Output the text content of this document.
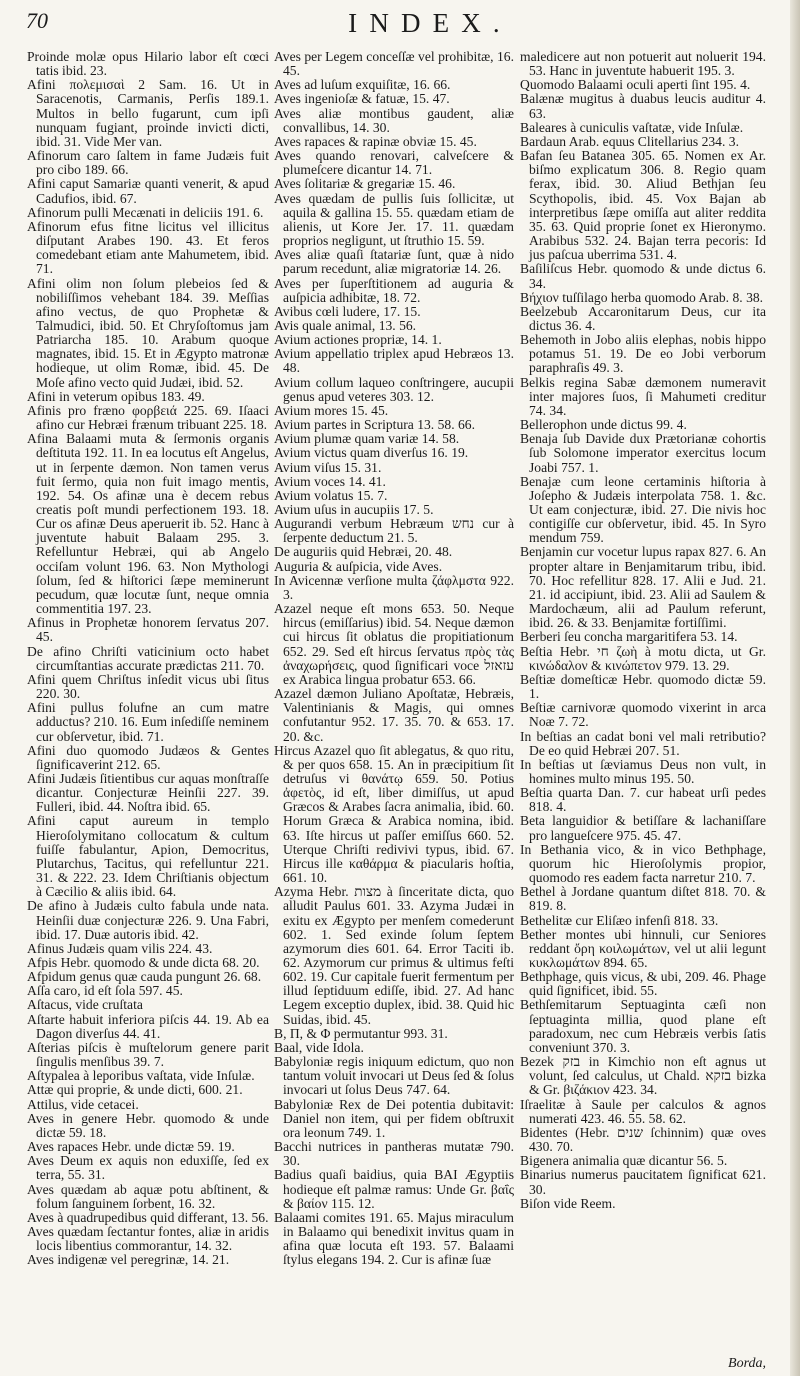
70	INDEX.

Proinde molæ opus Hilario labor eſt cœci tatis ibid. 23.

Afini πολεμισαὶ 2 Sam. 16. Ut in Saracenotis, Carmanis, Perſis 189.1. Multos in bello fugarunt, cum ipſi nunquam fugiant, proinde invicti dicti, ibid. 31. Vide Mer van.

Afinorum caro ſaltem in fame Judæis fuit pro cibo 189. 66.

Afini caput Samariæ quanti venerit, & apud Cadufios, ibid. 67.

Afinorum pulli Mecænati in deliciis 191. 6.

Afinorum efus fitne licitus vel illicitus diſputant Arabes 190. 43. Et feros comedebant etiam ante Mahumetem, ibid. 71.

Afini olim non ſolum plebeios ſed & nobiliſſimos vehebant 184. 39. Meſſias afino vectus, de quo Prophetæ & Talmudici, ibid. 50. Et Chryſoſtomus jam Patriarcha 185. 10. Arabum quoque magnates, ibid. 15. Et in Ægypto matronæ hodieque, ut olim Romæ, ibid. 45. De Moſe afino vecto quid Judæi, ibid. 52.

Afini in veterum opibus 183. 49.

Afinis pro fræno φορβειά 225. 69. Iſaaci afino cur Hebræi frænum tribuant 225. 18.

Afina Balaami muta & ſermonis organis deſtituta 192. 11. In ea locutus eſt Angelus, ut in ſerpente dæmon. Non tamen verus fuit ſermo, quia non fuit imago mentis, 192. 54. Os afinæ una è decem rebus creatis poſt mundi perfectionem 193. 18. Cur os afinæ Deus aperuerit ib. 52. Hanc à juventute habuit Balaam 295. 3. Refelluntur Hebræi, qui ab Angelo occiſam volunt 196. 63. Non Mythologi ſolum, ſed & hiſtorici ſæpe meminerunt pecudum, quæ locutæ ſunt, neque omnia commentitia 197. 23.

Afinus in Prophetæ honorem ſervatus 207. 45.

De afino Chriſti vaticinium octo habet circumſtantias accurate prædictas 211. 70.

Afini quem Chriſtus inſedit vicus ubi ſitus 220. 30.

Afini pullus folufne an cum matre adductus? 210. 16. Eum inſediſſe neminem cur obſervetur, ibid. 71.

Afini duo quomodo Judæos & Gentes ſignificaverint 212. 65.

Afini Judæis ſitientibus cur aquas monſtraſſe dicantur. Conjecturæ Heinſii 227. 39. Fulleri, ibid. 44. Noſtra ibid. 65.

Afini caput aureum in templo Hieroſolymitano collocatum & cultum fuiſſe fabulantur, Apion, Democritus, Plutarchus, Tacitus, qui refelluntur 221. 31. & 222. 23. Idem Chriſtianis objectum à Cæcilio & aliis ibid. 64.

De afino à Judæis culto fabula unde nata. Heinſii duæ conjecturæ 226. 9. Una Fabri, ibid. 17. Duæ autoris ibid. 42.

Afinus Judæis quam vilis 224. 43.

Afpis Hebr. quomodo & unde dicta 68. 20.

Afpidum genus quæ cauda pungunt 26. 68.

Aſſa caro, id eſt ſola 597. 45.

Aſtacus, vide cruſtata

Aſtarte habuit inferiora piſcis 44. 19. Ab ea Dagon diverſus 44. 41.

Aſterias piſcis è muſtelorum genere parit ſingulis menſibus 39. 7.

Aſtypalea à leporibus vaſtata, vide Inſulæ.

Attæ qui proprie, & unde dicti, 600. 21.

Attilus, vide cetacei.

Aves in genere Hebr. quomodo & unde dictæ 59. 18.

Aves rapaces Hebr. unde dictæ 59. 19.

Aves Deum ex aquis non eduxiſſe, ſed ex terra, 55. 31.

Aves quædam ab aquæ potu abſtinent, & folum ſanguinem ſorbent, 16. 32.

Aves à quadrupedibus quid differant, 13. 56.

Aves quædam ſectantur fontes, aliæ in aridis locis libentius commorantur, 14. 32.

Aves indigenæ vel peregrinæ, 14. 21.

Aves per Legem conceſſæ vel prohibitæ, 16. 45.

Aves ad luſum exquiſitæ, 16. 66.

Aves ingenioſæ & fatuæ, 15. 47.

Aves aliæ montibus gaudent, aliæ convallibus, 14. 30.

Aves rapaces & rapinæ obviæ 15. 45.

Aves quando renovari, calveſcere & plumeſcere dicantur 14. 71.

Aves ſolitariæ & gregariæ 15. 46.

Aves quædam de pullis ſuis ſollicitæ, ut aquila & gallina 15. 55. quædam etiam de alienis, ut Kore Jer. 17. 11. quædam proprios negligunt, ut ſtruthio 15. 59.

Aves aliæ quaſi ſtatariæ ſunt, quæ à nido parum recedunt, aliæ migratoriæ 14. 26.

Aves per ſuperſtitionem ad auguria & auſpicia adhibitæ, 18. 72.

Avibus cœli ludere, 17. 15.

Avis quale animal, 13. 56.

Avium actiones propriæ, 14. 1.

Avium appellatio triplex apud Hebræos 13. 48.

Avium collum laqueo conſtringere, aucupii genus apud veteres 303. 12.

Avium mores 15. 45.

Avium partes in Scriptura 13. 58. 66.

Avium plumæ quam variæ 14. 58.

Avium victus quam diverſus 16. 19.

Avium viſus 15. 31.

Avium voces 14. 41.

Avium volatus 15. 7.

Avium uſus in aucupiis 17. 5.

Augurandi verbum Hebræum נחש cur à ſerpente deductum 21. 5.

De auguriis quid Hebræi, 20. 48.

Auguria & auſpicia, vide Aves.

In Avicennæ verſione multa ζάφλμστα 922. 3.

Azazel neque eſt mons 653. 50. Neque hircus (emiſſarius) ibid. 54. Neque dæmon cui hircus ſit oblatus die propitiationum 652. 29. Sed eſt hircus ſervatus πρὸς τὰς ἀναχωρήσεις, quod ſignificari voce עזאזל ex Arabica lingua probatur 653. 66.

Azazel dæmon Juliano Apoſtatæ, Hebræis, Valentinianis & Magis, qui omnes confutantur 952. 17. 35. 70. & 653. 17. 20. &c.

Hircus Azazel quo ſit ablegatus, & quo ritu, & per quos 658. 15. An in præcipitium ſit detruſus vi θανάτῳ 659. 50. Potius ἀφετὸς, id eſt, liber dimiſſus, ut apud Græcos & Arabes ſacra animalia, ibid. 60. Horum Græca & Arabica nomina, ibid. 63. Iſte hircus ut paſſer emiſſus 660. 52. Uterque Chriſti redivivi typus, ibid. 67. Hircus ille καθάρμα & piacularis hoſtia, 661. 10.

Azyma Hebr. מצות à ſinceritate dicta, quo alludit Paulus 601. 33. Azyma Judæi in exitu ex Ægypto per menſem comederunt 602. 1. Sed exinde ſolum ſeptem azymorum dies 601. 64. Error Taciti ib. 62. Azymorum cur primus & ultimus feſti 602. 19. Cur capitale fuerit fermentum per illud ſeptiduum ediſſe, ibid. 27. Ad hanc Legem exceptio duplex, ibid. 38. Quid hic Suidas, ibid. 45.

B, Π, & Φ permutantur 993. 31.

Baal, vide Idola.

Babyloniæ regis iniquum edictum, quo non tantum voluit invocari ut Deus ſed & ſolus invocari ut ſolus Deus 747. 64.

Babyloniæ Rex de Dei potentia dubitavit: Daniel non item, qui per fidem obſtruxit ora leonum 749. 1.

Bacchi nutrices in pantheras mutatæ 790. 30.

Badius quaſi baidius, quia BAI Ægyptiis hodieque eſt palmæ ramus: Unde Gr. βαΐς & βαίον 115. 12.

Balaami comites 191. 65. Majus miraculum in Balaamo qui benedixit invitus quam in afina quæ locuta eſt 193. 57. Balaami ſtylus elegans 194. 2. Cur is afinæ ſuæ

maledicere aut non potuerit aut noluerit 194. 53. Hanc in juventute habuerit 195. 3.

Quomodo Balaami oculi aperti ſint 195. 4.

Balænæ mugitus à duabus leucis auditur 4. 63.

Baleares à cuniculis vaſtatæ, vide Inſulæ.

Bardaun Arab. equus Clitellarius 234. 3.

Bafan ſeu Batanea 305. 65. Nomen ex Ar. biſmo explicatum 306. 8. Regio quam ferax, ibid. 30. Aliud Bethjan ſeu Scythopolis, ibid. 45. Vox Bajan ab interpretibus ſæpe omiſſa aut aliter reddita 35. 63. Quid proprie ſonet ex Hieronymo. Arabibus 532. 24. Bajan terra pecoris: Id jus paſcua uberrima 531. 4.

Baſiliſcus Hebr. quomodo & unde dictus 6. 34.

Βήχιον tuſſilago herba quomodo Arab. 8. 38.

Beelzebub Accaronitarum Deus, cur ita dictus 36. 4.

Behemoth in Jobo aliis elephas, nobis hippo potamus 51. 19. De eo Jobi verborum paraphraſis 49. 3.

Belkis regina Sabæ dæmonem numeravit inter majores ſuos, ſi Mahumeti creditur 74. 34.

Bellerophon unde dictus 99. 4.

Benaja ſub Davide dux Prætorianæ cohortis ſub Solomone imperator exercitus locum Joabi 757. 1.

Benajæ cum leone certaminis hiſtoria à Joſepho & Judæis interpolata 758. 1. &c. Ut eam conjecturæ, ibid. 27. Die nivis hoc contigiſſe cur obſervetur, ibid. 45. In Syro mendum 759.

Benjamin cur vocetur lupus rapax 827. 6. An propter altare in Benjamitarum tribu, ibid. 70. Hoc refellitur 828. 17. Alii e Jud. 21. 21. id accipiunt, ibid. 23. Alii ad Saulem & Mardochæum, alii ad Paulum referunt, ibid. 26. & 33. Benjamitæ fortiſſimi.

Berberi ſeu concha margaritifera 53. 14.

Beſtia Hebr. חי ζωὴ à motu dicta, ut Gr. κινώδαλον & κινώπετον 979. 13. 29.

Beſtiæ domeſticæ Hebr. quomodo dictæ 59. 1.

Beſtiæ carnivoræ quomodo vixerint in arca Noæ 7. 72.

In beſtias an cadat boni vel mali retributio? De eo quid Hebræi 207. 51.

In beſtias ut ſæviamus Deus non vult, in homines multo minus 195. 50.

Beſtia quarta Dan. 7. cur habeat urſi pedes 818. 4.

Beta languidior & betiſſare & lachaniſſare pro langueſcere 975. 45. 47.

In Bethania vico, & in vico Bethphage, quorum hic Hieroſolymis propior, quomodo res eadem facta narretur 210. 7.

Bethel à Jordane quantum diſtet 818. 70. & 819. 8.

Bethelitæ cur Eliſæo infenſi 818. 33.

Bether montes ubi hinnuli, cur Seniores reddant ὄρη κοιλωμάτων, vel ut alii legunt κυκλωμάτων 894. 65.

Bethphage, quis vicus, & ubi, 209. 46. Phage quid ſignificet, ibid. 55.

Bethſemitarum Septuaginta cæſi non ſeptuaginta millia, quod plane eſt paradoxum, nec cum Hebræis verbis ſatis conveniunt 370. 3.

Bezek בזק in Kimchio non eſt agnus ut volunt, ſed calculus, ut Chald. בזקא bizka & Gr. βιζάκιον 423. 34.

Iſraelitæ à Saule per calculos & agnos numerati 423. 46. 55. 58. 62.

Bidentes (Hebr. שנים ſchinnim) quæ oves 430. 70.

Bigenera animalia quæ dicantur 56. 5.

Binarius numerus paucitatem ſignificat 621. 30.

Biſon vide Reem.

Borda,
